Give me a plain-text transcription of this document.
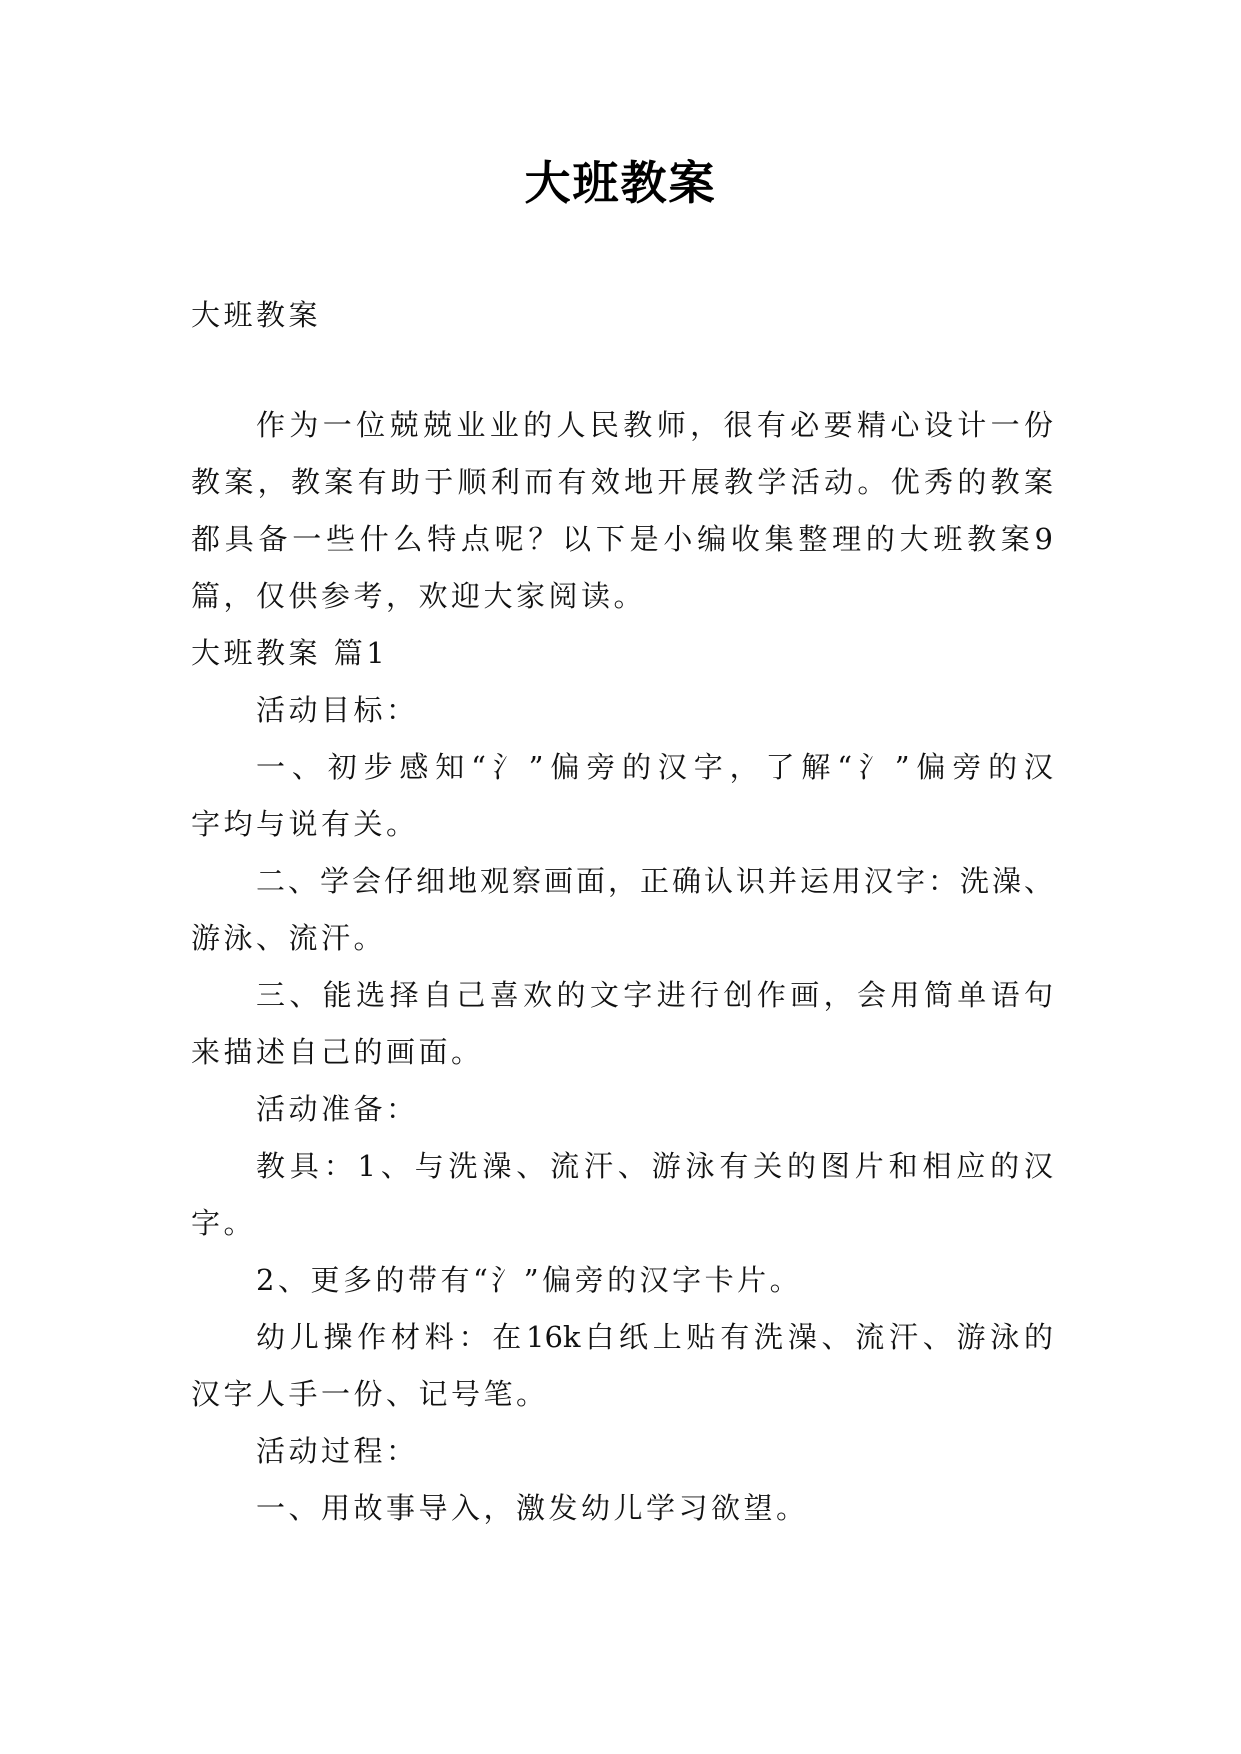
大班教案
大班教案
作为一位兢兢业业的人民教师，很有必要精心设计一份
教案，教案有助于顺利而有效地开展教学活动。优秀的教案
都具备一些什么特点呢？以下是小编收集整理的大班教案9
篇，仅供参考，欢迎大家阅读。
大班教案 篇1
活动目标：
一、初步感知“氵”偏旁的汉字，了解“氵”偏旁的汉
字均与说有关。
二、学会仔细地观察画面，正确认识并运用汉字：洗澡、
游泳、流汗。
三、能选择自己喜欢的文字进行创作画，会用简单语句
来描述自己的画面。
活动准备：
教具：1、与洗澡、流汗、游泳有关的图片和相应的汉
字。
2、更多的带有“氵”偏旁的汉字卡片。
幼儿操作材料：在16k白纸上贴有洗澡、流汗、游泳的
汉字人手一份、记号笔。
活动过程：
一、用故事导入，激发幼儿学习欲望。
